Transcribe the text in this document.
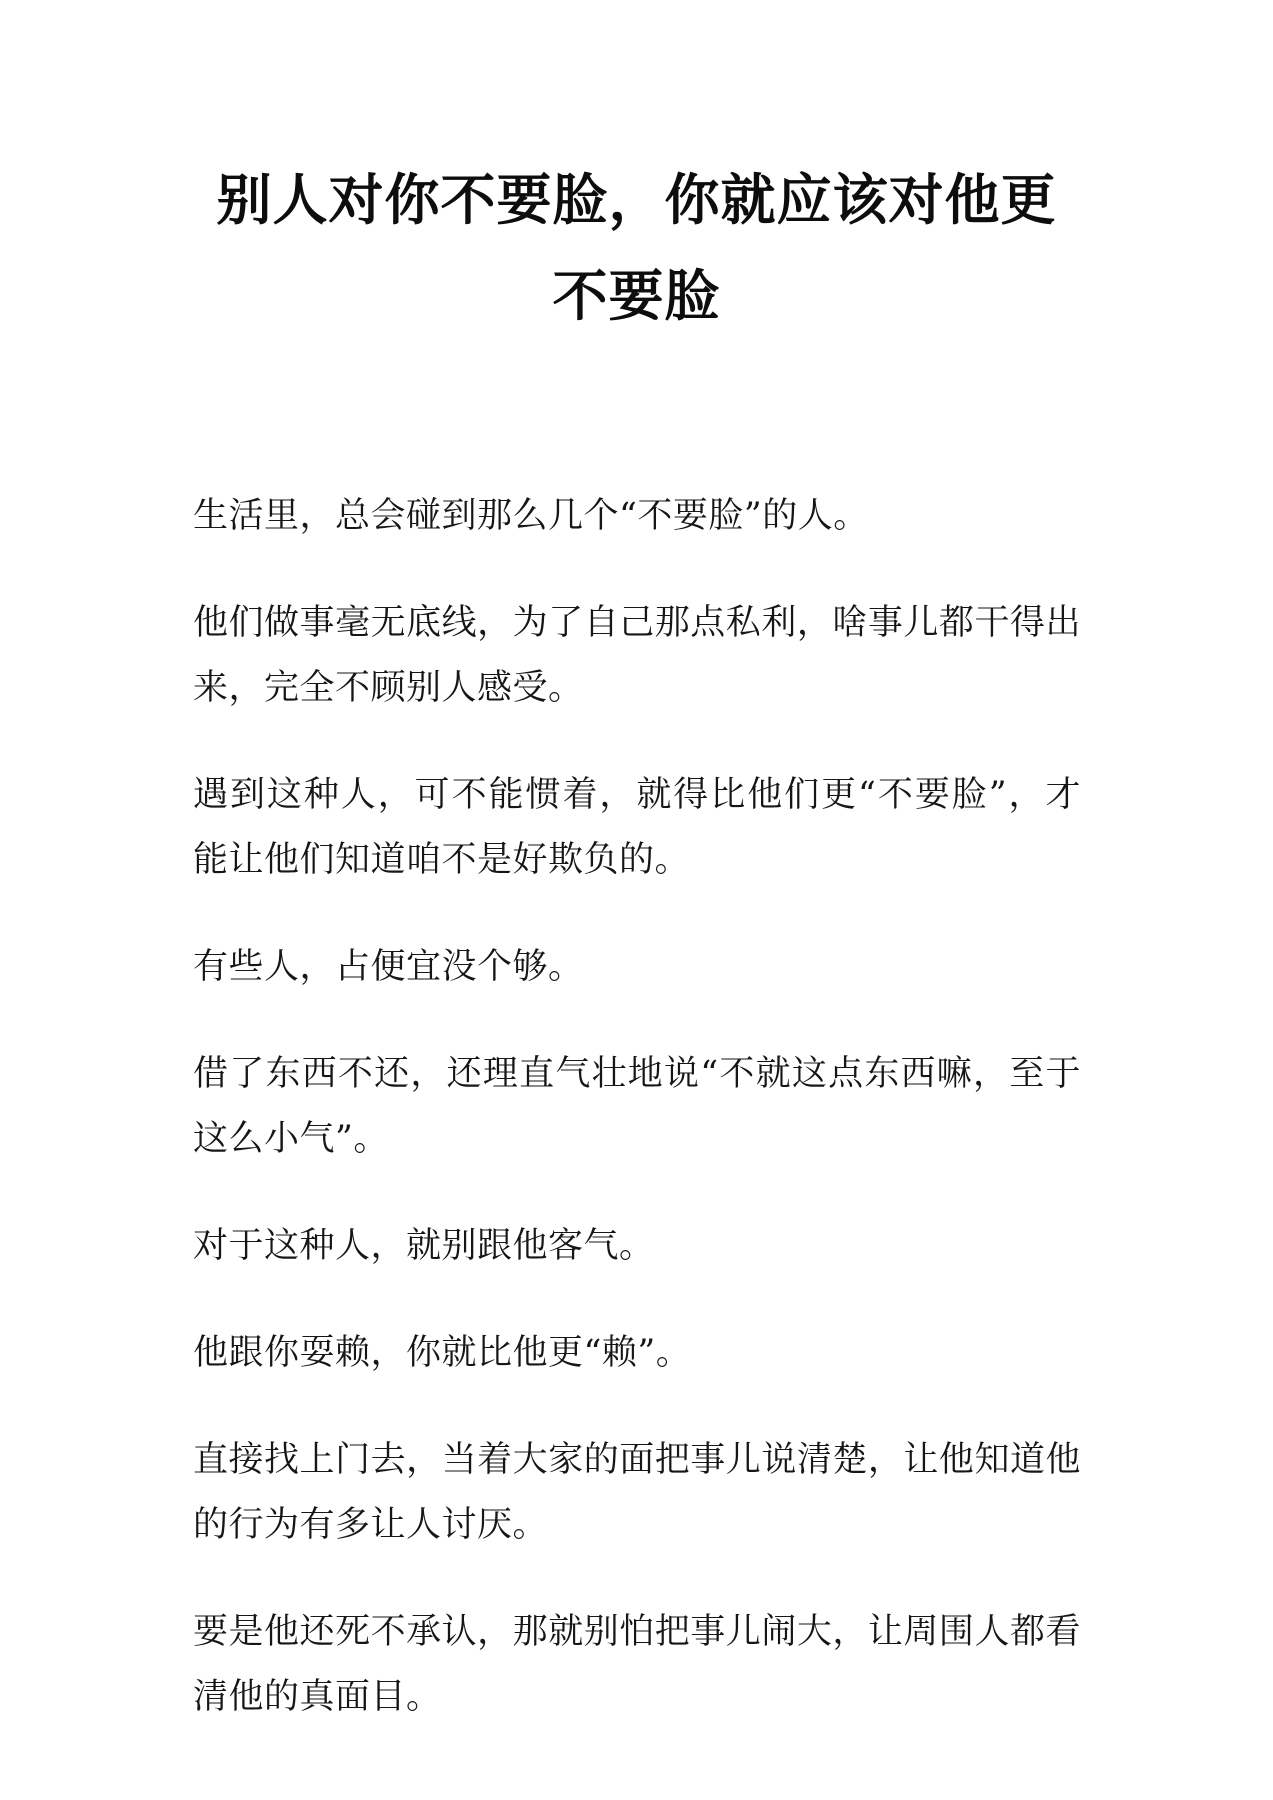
别人对你不要脸，你就应该对他更不要脸

生活里，总会碰到那么几个“不要脸”的人。

他们做事毫无底线，为了自己那点私利，啥事儿都干得出来，完全不顾别人感受。

遇到这种人，可不能惯着，就得比他们更“不要脸”，才能让他们知道咱不是好欺负的。

有些人，占便宜没个够。

借了东西不还，还理直气壮地说“不就这点东西嘛，至于这么小气”。

对于这种人，就别跟他客气。

他跟你耍赖，你就比他更“赖”。

直接找上门去，当着大家的面把事儿说清楚，让他知道他的行为有多让人讨厌。

要是他还死不承认，那就别怕把事儿闹大，让周围人都看清他的真面目。
